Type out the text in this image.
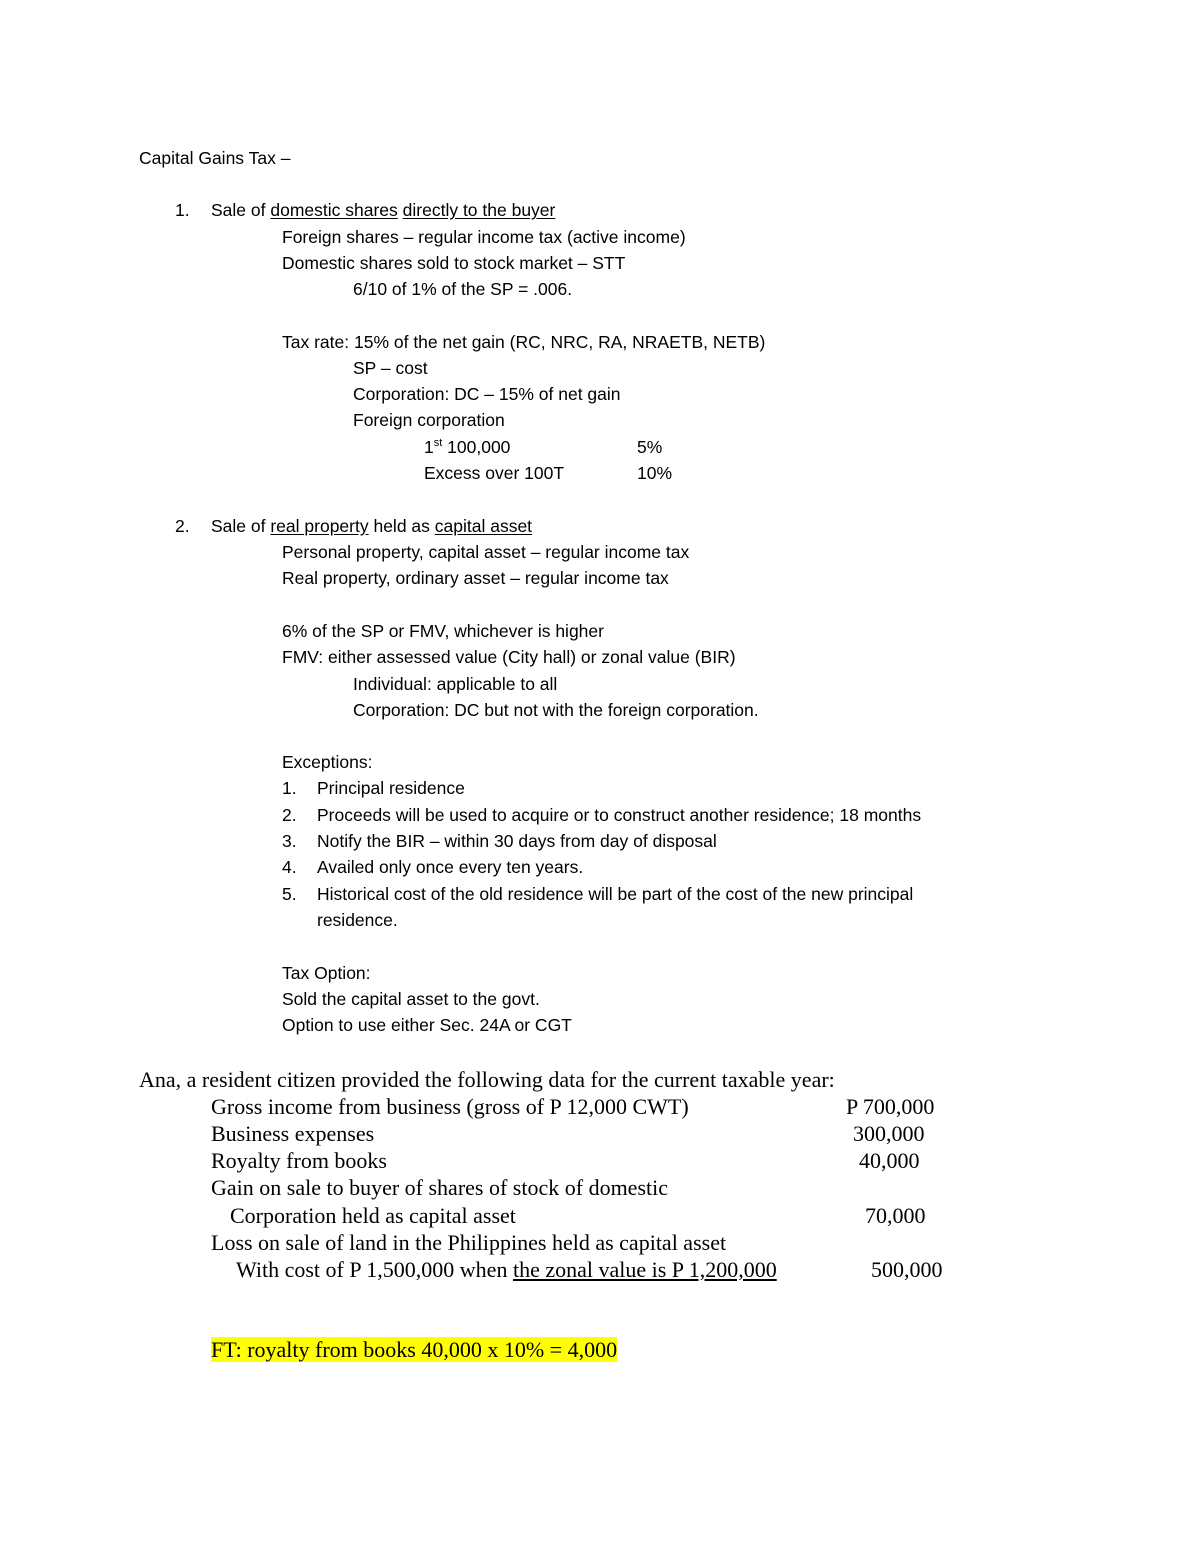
Capital Gains Tax –
1. Sale of domestic shares directly to the buyer
Foreign shares – regular income tax (active income)
Domestic shares sold to stock market – STT
6/10 of 1% of the SP = .006.
Tax rate: 15% of the net gain (RC, NRC, RA, NRAETB, NETB)
SP – cost
Corporation: DC – 15% of net gain
Foreign corporation
1st 100,000	5%
Excess over 100T	10%
2. Sale of real property held as capital asset
Personal property, capital asset – regular income tax
Real property, ordinary asset – regular income tax
6% of the SP or FMV, whichever is higher
FMV: either assessed value (City hall) or zonal value (BIR)
Individual: applicable to all
Corporation: DC but not with the foreign corporation.
Exceptions:
1. Principal residence
2. Proceeds will be used to acquire or to construct another residence; 18 months
3. Notify the BIR – within 30 days from day of disposal
4. Availed only once every ten years.
5. Historical cost of the old residence will be part of the cost of the new principal
residence.
Tax Option:
Sold the capital asset to the govt.
Option to use either Sec. 24A or CGT
Ana, a resident citizen provided the following data for the current taxable year:
Gross income from business (gross of P 12,000 CWT)	P 700,000
Business expenses	300,000
Royalty from books	40,000
Gain on sale to buyer of shares of stock of domestic
Corporation held as capital asset	70,000
Loss on sale of land in the Philippines held as capital asset
With cost of P 1,500,000 when the zonal value is P 1,200,000	500,000
FT: royalty from books 40,000 x 10% = 4,000
